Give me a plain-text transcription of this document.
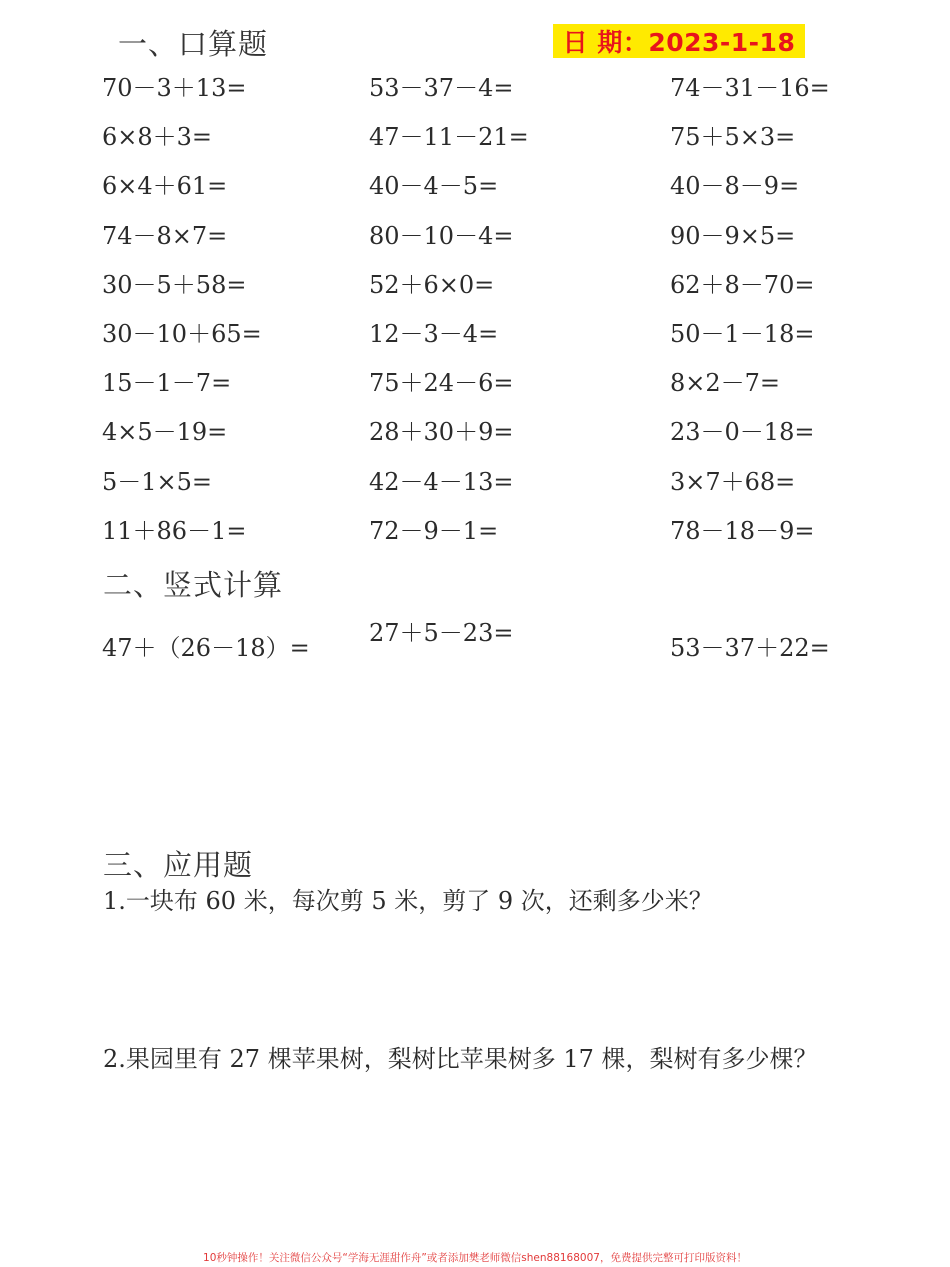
一、口算题	日 期：2023-1-18
70－3＋13=	53－37－4=	74－31－16=
6×8＋3=	47－11－21=	75＋5×3=
6×4＋61=	40－4－5=	40－8－9=
74－8×7=	80－10－4=	90－9×5=
30－5＋58=	52＋6×0=	62＋8－70=
30－10＋65=	12－3－4=	50－1－18=
15－1－7=	75＋24－6=	8×2－7=
4×5－19=	28＋30＋9=	23－0－18=
5－1×5=	42－4－13=	3×7＋68=
11＋86－1=	72－9－1=	78－18－9=
二、竖式计算
47＋（26－18）=
27＋5－23=
53－37＋22=
三、应用题
1.一块布 60 米，每次剪 5 米，剪了 9 次，还剩多少米？
2.果园里有 27 棵苹果树，梨树比苹果树多 17 棵，梨树有多少棵？
10秒钟操作！关注微信公众号“学海无涯甜作舟”或者添加樊老师微信shen88168007，免费提供完整可打印版资料！
